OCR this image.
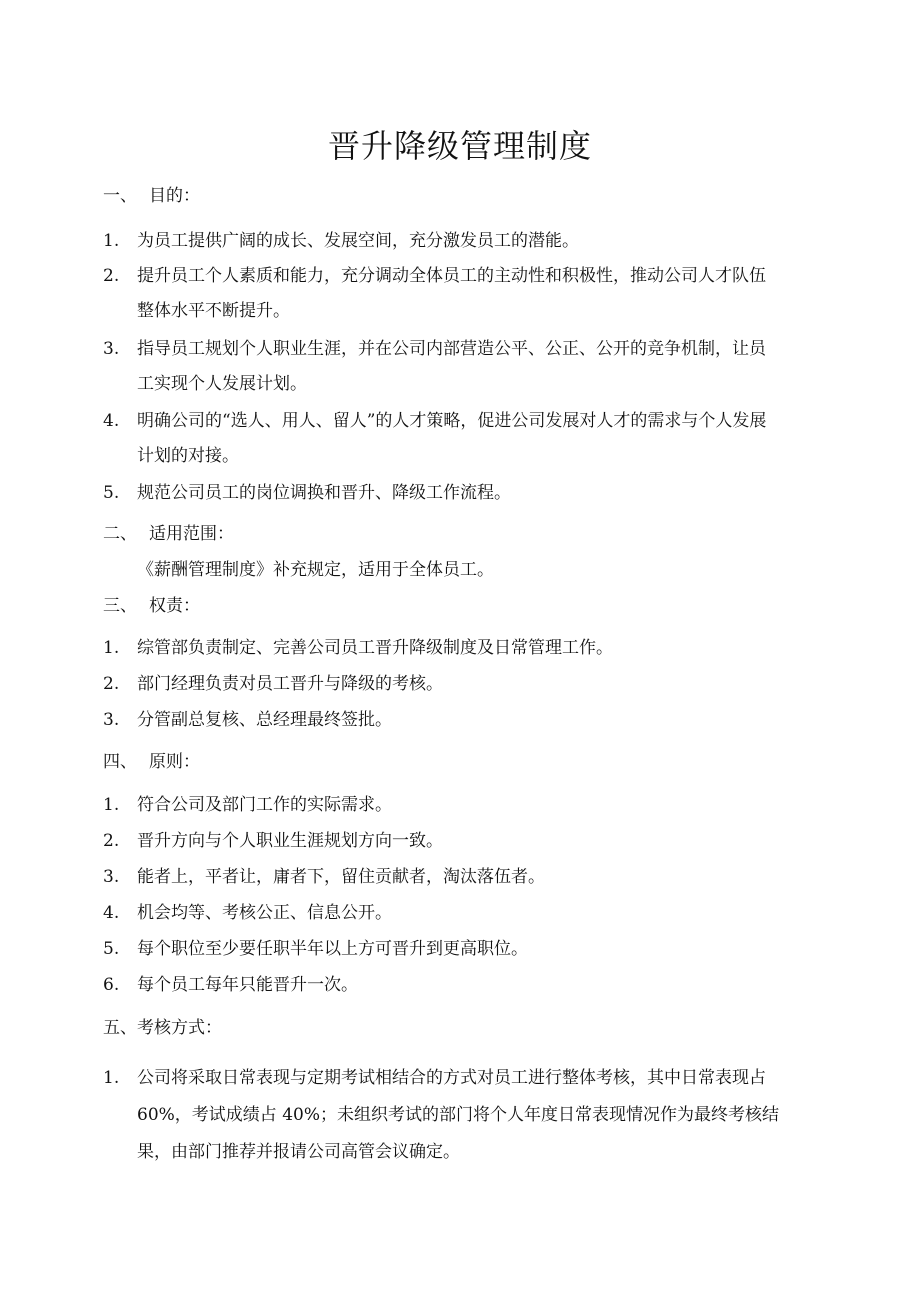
晋升降级管理制度
一、 目的：
1.	为员工提供广阔的成长、发展空间，充分激发员工的潜能。
2.	提升员工个人素质和能力，充分调动全体员工的主动性和积极性，推动公司人才队伍
整体水平不断提升。
3.	指导员工规划个人职业生涯，并在公司内部营造公平、公正、公开的竞争机制，让员
工实现个人发展计划。
4.	明确公司的“选人、用人、留人”的人才策略，促进公司发展对人才的需求与个人发展
计划的对接。
5.	规范公司员工的岗位调换和晋升、降级工作流程。
二、 适用范围：
《薪酬管理制度》补充规定，适用于全体员工。
三、 权责：
1.	综管部负责制定、完善公司员工晋升降级制度及日常管理工作。
2.	部门经理负责对员工晋升与降级的考核。
3.	分管副总复核、总经理最终签批。
四、 原则：
1.	符合公司及部门工作的实际需求。
2.	晋升方向与个人职业生涯规划方向一致。
3.	能者上，平者让，庸者下，留住贡献者，淘汰落伍者。
4.	机会均等、考核公正、信息公开。
5.	每个职位至少要任职半年以上方可晋升到更高职位。
6.	每个员工每年只能晋升一次。
五、考核方式：
1.	公司将采取日常表现与定期考试相结合的方式对员工进行整体考核，其中日常表现占
60%，考试成绩占 40%；未组织考试的部门将个人年度日常表现情况作为最终考核结
果，由部门推荐并报请公司高管会议确定。
